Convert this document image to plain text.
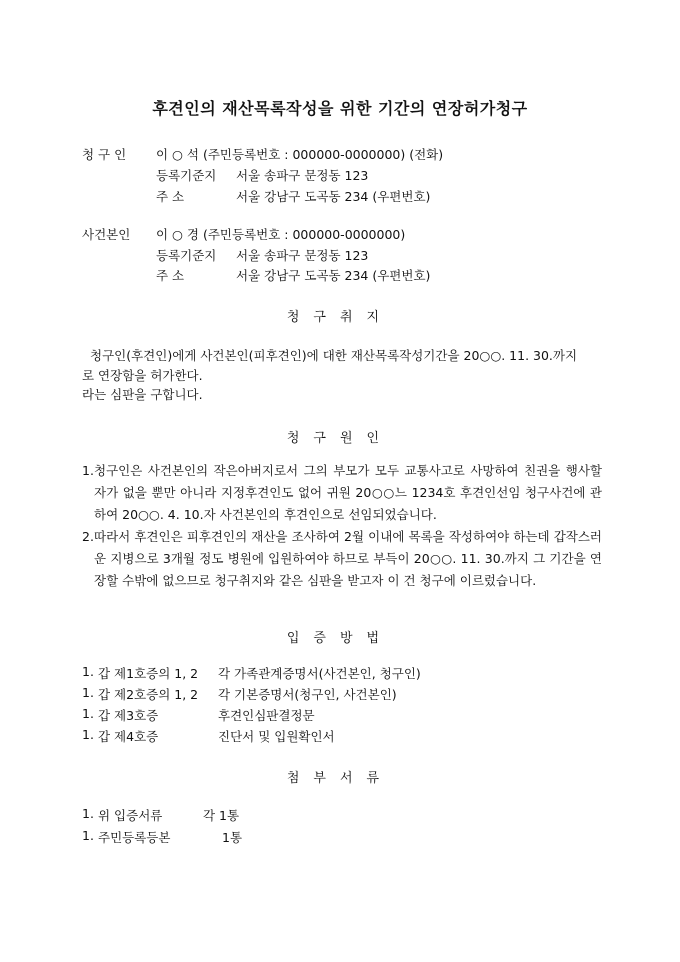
후견인의 재산목록작성을 위한 기간의 연장허가청구
청 구 인 이 ○ 석 (주민등록번호 : 000000-0000000) (전화)
등록기준지 서울 송파구 문정동 123
주 소	서울 강남구 도곡동 234 (우편번호)
사건본인 이 ○ 경 (주민등록번호 : 000000-0000000)
등록기준지 서울 송파구 문정동 123
주 소	서울 강남구 도곡동 234 (우편번호)
청구취지
청구인(후견인)에게 사건본인(피후견인)에 대한 재산목록작성기간을 20○○. 11. 30.까지
로 연장함을 허가한다.
라는 심판을 구합니다.
청구원인
1. 청구인은 사건본인의 작은아버지로서 그의 부모가 모두 교통사고로 사망하여 친권을 행사할 자가 없을 뿐만 아니라 지정후견인도 없어 귀원 20○○느 1234호 후견인선임 청구사건에 관하여 20○○. 4. 10.자 사건본인의 후견인으로 선임되었습니다.
2. 따라서 후견인은 피후견인의 재산을 조사하여 2월 이내에 목록을 작성하여야 하는데 갑작스러운 지병으로 3개월 정도 병원에 입원하여야 하므로 부득이 20○○. 11. 30.까지 그 기간을 연장할 수밖에 없으므로 청구취지와 같은 심판을 받고자 이 건 청구에 이르렀습니다.
입증방법
1. 갑 제1호증의 1, 2 각 가족관계증명서(사건본인, 청구인)
1. 갑 제2호증의 1, 2 각 기본증명서(청구인, 사건본인)
1. 갑 제3호증	후견인심판결정문
1. 갑 제4호증	진단서 및 입원확인서
첨부서류
1. 위 입증서류	각 1통
1. 주민등록등본	1통
